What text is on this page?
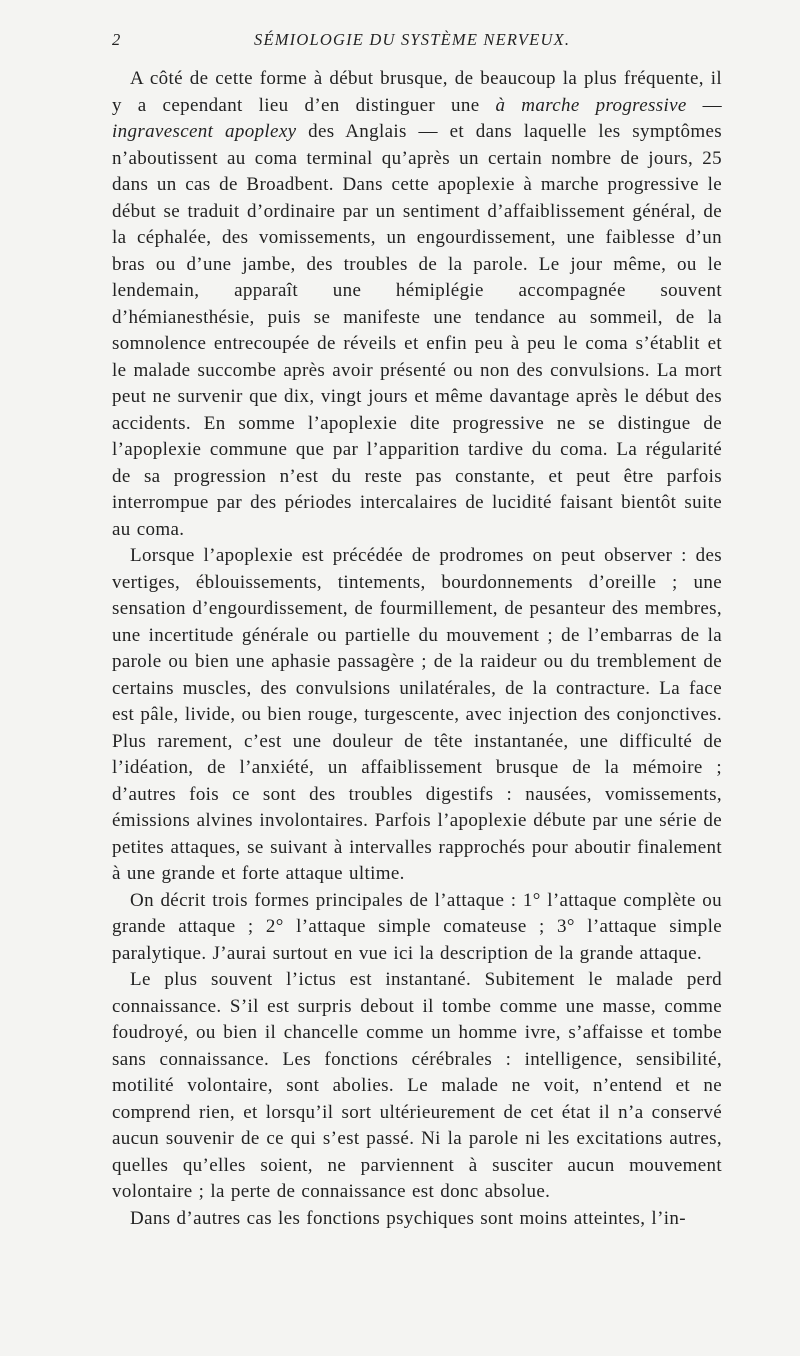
2	SÉMIOLOGIE DU SYSTÈME NERVEUX.

A côté de cette forme à début brusque, de beaucoup la plus fréquente, il y a cependant lieu d’en distinguer une à marche progressive — ingravescent apoplexy des Anglais — et dans laquelle les symptômes n’aboutissent au coma terminal qu’après un certain nombre de jours, 25 dans un cas de Broadbent. Dans cette apoplexie à marche progressive le début se traduit d’ordinaire par un sentiment d’affaiblissement général, de la céphalée, des vomissements, un engourdissement, une faiblesse d’un bras ou d’une jambe, des troubles de la parole. Le jour même, ou le lendemain, apparaît une hémiplégie accompagnée souvent d’hémianesthésie, puis se manifeste une tendance au sommeil, de la somnolence entrecoupée de réveils et enfin peu à peu le coma s’établit et le malade succombe après avoir présenté ou non des convulsions. La mort peut ne survenir que dix, vingt jours et même davantage après le début des accidents. En somme l’apoplexie dite progressive ne se distingue de l’apoplexie commune que par l’apparition tardive du coma. La régularité de sa progression n’est du reste pas constante, et peut être parfois interrompue par des périodes intercalaires de lucidité faisant bientôt suite au coma.

Lorsque l’apoplexie est précédée de prodromes on peut observer : des vertiges, éblouissements, tintements, bourdonnements d’oreille ; une sensation d’engourdissement, de fourmillement, de pesanteur des membres, une incertitude générale ou partielle du mouvement ; de l’embarras de la parole ou bien une aphasie passagère ; de la raideur ou du tremblement de certains muscles, des convulsions unilatérales, de la contracture. La face est pâle, livide, ou bien rouge, turgescente, avec injection des conjonctives. Plus rarement, c’est une douleur de tête instantanée, une difficulté de l’idéation, de l’anxiété, un affaiblissement brusque de la mémoire ; d’autres fois ce sont des troubles digestifs : nausées, vomissements, émissions alvines involontaires. Parfois l’apoplexie débute par une série de petites attaques, se suivant à intervalles rapprochés pour aboutir finalement à une grande et forte attaque ultime.

On décrit trois formes principales de l’attaque : 1° l’attaque complète ou grande attaque ; 2° l’attaque simple comateuse ; 3° l’attaque simple paralytique. J’aurai surtout en vue ici la description de la grande attaque.

Le plus souvent l’ictus est instantané. Subitement le malade perd connaissance. S’il est surpris debout il tombe comme une masse, comme foudroyé, ou bien il chancelle comme un homme ivre, s’affaisse et tombe sans connaissance. Les fonctions cérébrales : intelligence, sensibilité, motilité volontaire, sont abolies. Le malade ne voit, n’entend et ne comprend rien, et lorsqu’il sort ultérieurement de cet état il n’a conservé aucun souvenir de ce qui s’est passé. Ni la parole ni les excitations autres, quelles qu’elles soient, ne parviennent à susciter aucun mouvement volontaire ; la perte de connaissance est donc absolue.

Dans d’autres cas les fonctions psychiques sont moins atteintes, l’in-
